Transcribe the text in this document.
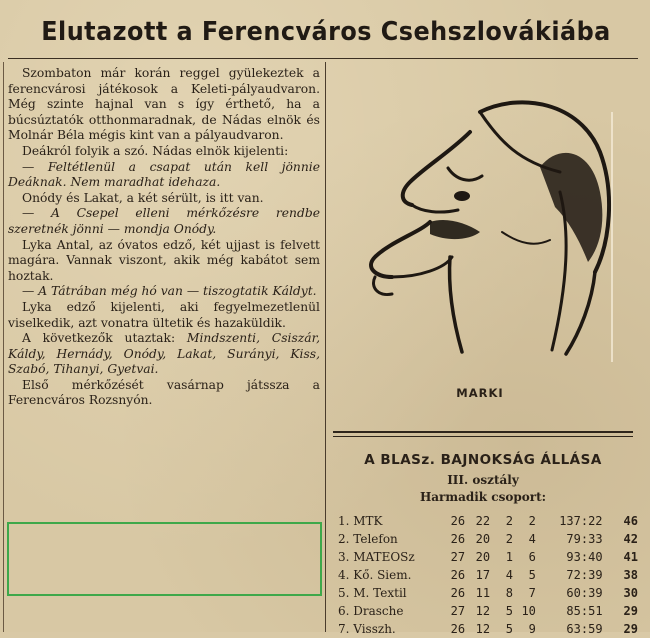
Elutazott a Ferencváros Csehszlovákiába

Szombaton már korán reggel gyülekeztek a ferencvárosi játékosok a Keleti-pályaudvaron. Még szinte hajnal van s így érthető, ha a búcsúztatók otthonmaradnak, de Nádas elnök és Molnár Béla mégis kint van a pályaudvaron.

Deákról folyik a szó. Nádas elnök kijelenti:

— Feltétlenül a csapat után kell jönnie Deáknak. Nem maradhat idehaza.

Onódy és Lakat, a két sérült, is itt van.

— A Csepel elleni mérkőzésre rendbe szeretnék jönni — mondja Onódy.

Lyka Antal, az óvatos edző, két ujjast is felvett magára. Vannak viszont, akik még kabátot sem hoztak.

— A Tátrában még hó van — tiszogtatik Káldyt.

Lyka edző kijelenti, aki fegyelmezetlenül viselkedik, azt vonatra ültetik és hazaküldik.

A következők utaztak: Mindszenti, Csiszár, Káldy, Hernády, Onódy, Lakat, Surányi, Kiss, Szabó, Tihanyi, Gyetvai.

Első mérkőzését vasárnap játssza a Ferencváros Rozsnyón.

MARKI
A BLASz. BAJNOKSÁG ÁLLÁSA
III. osztály
Harmadik csoport:
1. MTK	26	22	2	2	137:22	46
2. Telefon	26	20	2	4	79:33	42
3. MATEOSz	27	20	1	6	93:40	41
4. Kő. Siem.	26	17	4	5	72:39	38
5. M. Textil	26	11	8	7	60:39	30
6. Drasche	27	12	5	10	85:51	29
7. Visszh.	26	12	5	9	63:59	29
